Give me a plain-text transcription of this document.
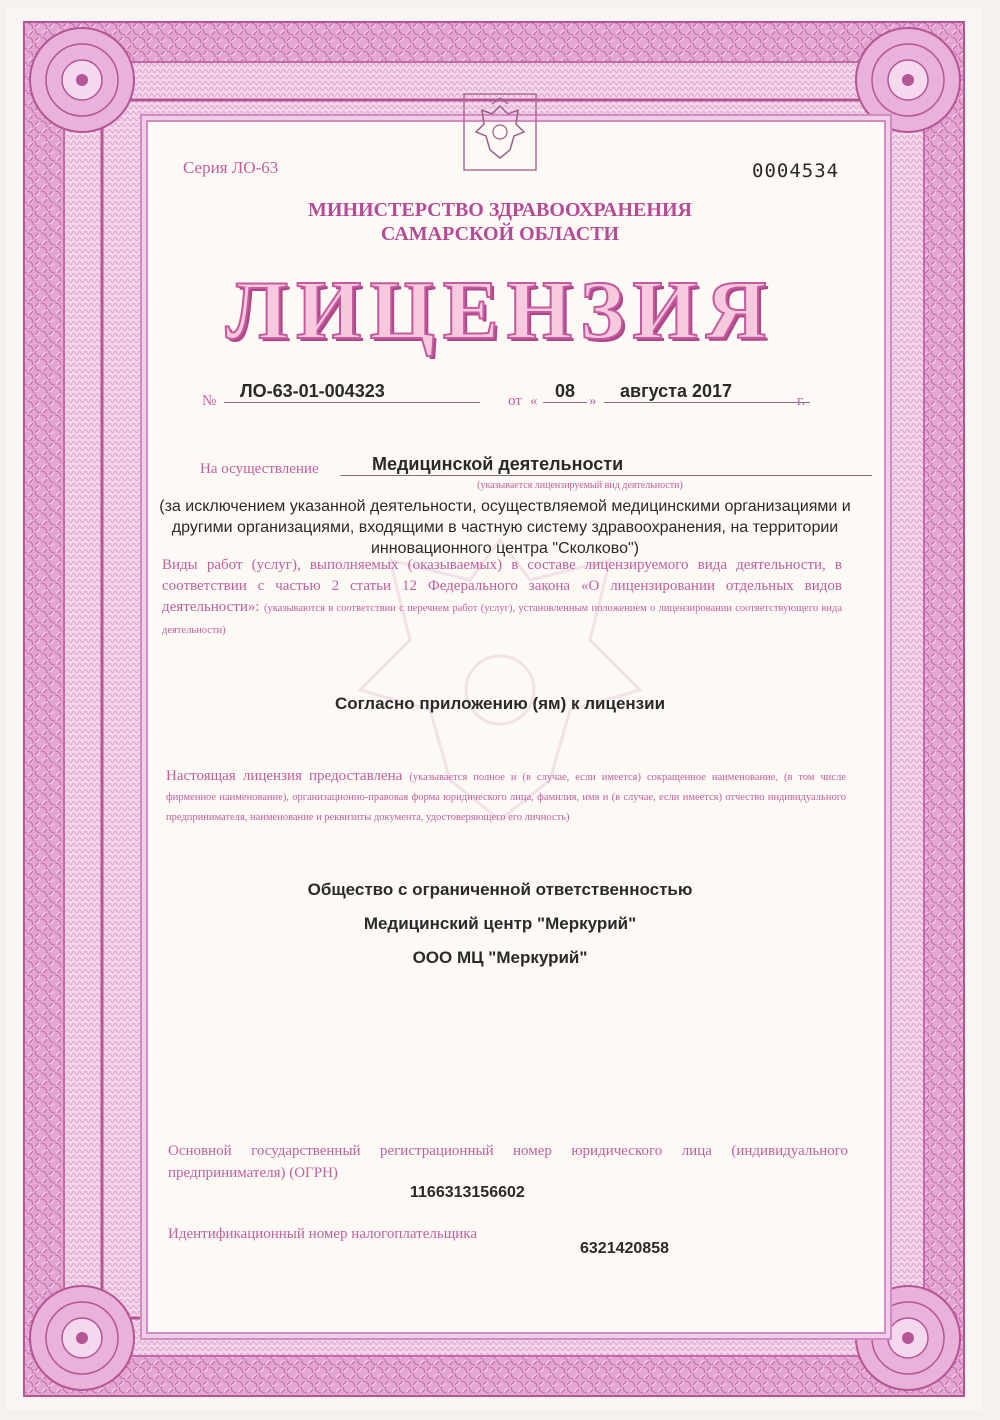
Серия ЛО-63	0004534
МИНИСТЕРСТВО ЗДРАВООХРАНЕНИЯ
САМАРСКОЙ ОБЛАСТИ
ЛИЦЕНЗИЯ
№	ЛО-63-01-004323	от « 08 »	августа 2017	г.
На осуществление	Медицинской деятельности
(указывается лицензируемый вид деятельности)
(за исключением указанной деятельности, осуществляемой медицинскими организациями и другими организациями, входящими в частную систему здравоохранения, на территории инновационного центра "Сколково")
Виды работ (услуг), выполняемых (оказываемых) в составе лицензируемого вида деятельности, в соответствии с частью 2 статьи 12 Федерального закона «О лицензировании отдельных видов деятельности»: (указываются в соответствии с перечнем работ (услуг), установленным положением о лицензировании соответствующего вида деятельности)
Согласно приложению (ям) к лицензии
Настоящая лицензия предоставлена (указывается полное и (в случае, если имеется) сокращенное наименование, (в том числе фирменное наименование), организационно-правовая форма юридического лица, фамилия, имя и (в случае, если имеется) отчество индивидуального предпринимателя, наименование и реквизиты документа, удостоверяющего его личность)
Общество с ограниченной ответственностью
Медицинский центр "Меркурий"
ООО МЦ "Меркурий"
Основной государственный регистрационный номер юридического лица (индивидуального предпринимателя) (ОГРН)
1166313156602
Идентификационный номер налогоплательщика
6321420858
